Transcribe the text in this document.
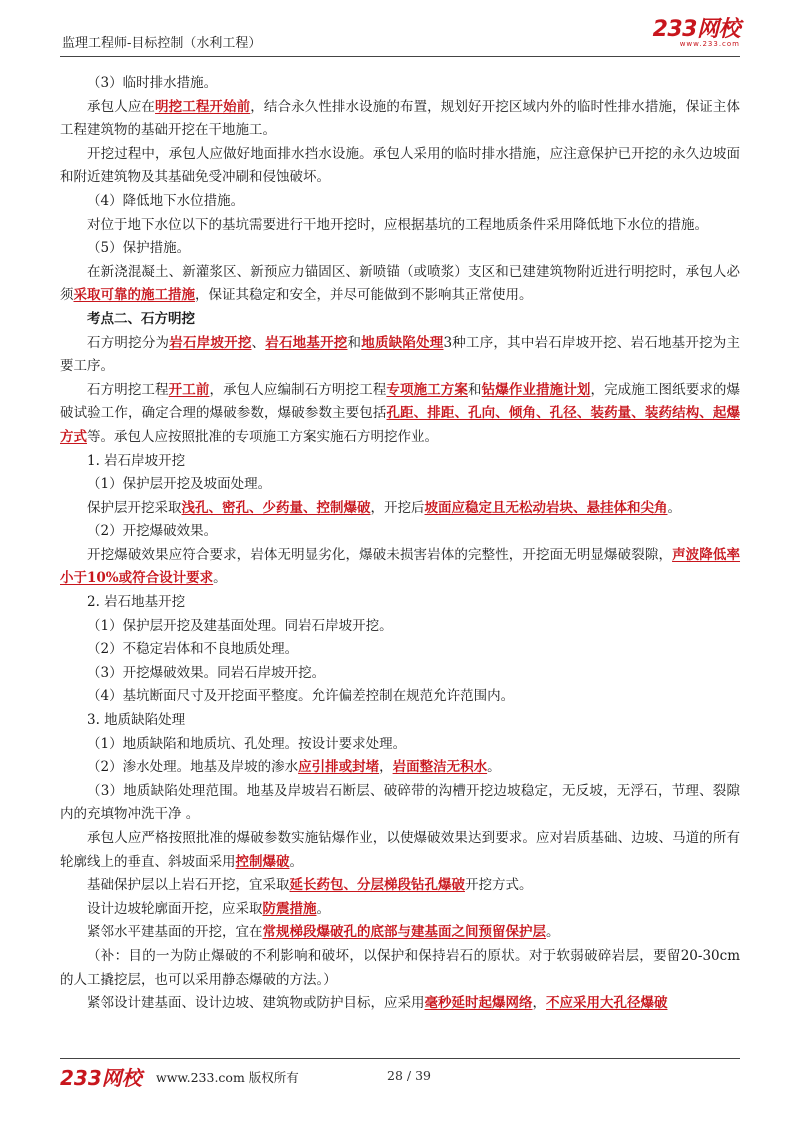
监理工程师-目标控制（水利工程）
233网校
www.233.com

（3）临时排水措施。

承包人应在明挖工程开始前，结合永久性排水设施的布置，规划好开挖区域内外的临时性排水措施，保证主体工程建筑物的基础开挖在干地施工。

开挖过程中，承包人应做好地面排水挡水设施。承包人采用的临时排水措施，应注意保护已开挖的永久边坡面和附近建筑物及其基础免受冲刷和侵蚀破坏。

（4）降低地下水位措施。

对位于地下水位以下的基坑需要进行干地开挖时，应根据基坑的工程地质条件采用降低地下水位的措施。

（5）保护措施。

在新浇混凝土、新灌浆区、新预应力锚固区、新喷锚（或喷浆）支区和已建建筑物附近进行明挖时，承包人必须采取可靠的施工措施，保证其稳定和安全，并尽可能做到不影响其正常使用。

考点二、石方明挖

石方明挖分为岩石岸坡开挖、岩石地基开挖和地质缺陷处理3种工序，其中岩石岸坡开挖、岩石地基开挖为主要工序。

石方明挖工程开工前，承包人应编制石方明挖工程专项施工方案和钻爆作业措施计划，完成施工图纸要求的爆破试验工作，确定合理的爆破参数，爆破参数主要包括孔距、排距、孔向、倾角、孔径、装药量、装药结构、起爆方式等。承包人应按照批准的专项施工方案实施石方明挖作业。

1. 岩石岸坡开挖

（1）保护层开挖及坡面处理。

保护层开挖采取浅孔、密孔、少药量、控制爆破，开挖后坡面应稳定且无松动岩块、悬挂体和尖角。

（2）开挖爆破效果。

开挖爆破效果应符合要求，岩体无明显劣化，爆破未损害岩体的完整性，开挖面无明显爆破裂隙，声波降低率小于10%或符合设计要求。

2. 岩石地基开挖

（1）保护层开挖及建基面处理。同岩石岸坡开挖。

（2）不稳定岩体和不良地质处理。

（3）开挖爆破效果。同岩石岸坡开挖。

（4）基坑断面尺寸及开挖面平整度。允许偏差控制在规范允许范围内。

3. 地质缺陷处理

（1）地质缺陷和地质坑、孔处理。按设计要求处理。

（2）渗水处理。地基及岸坡的渗水应引排或封堵，岩面整洁无积水。

（3）地质缺陷处理范围。地基及岸坡岩石断层、破碎带的沟槽开挖边坡稳定，无反坡，无浮石，节理、裂隙内的充填物冲洗干净 。

承包人应严格按照批准的爆破参数实施钻爆作业，以使爆破效果达到要求。应对岩质基础、边坡、马道的所有轮廓线上的垂直、斜坡面采用控制爆破。

基础保护层以上岩石开挖，宜采取延长药包、分层梯段钻孔爆破开挖方式。

设计边坡轮廓面开挖，应采取防震措施。

紧邻水平建基面的开挖，宜在常规梯段爆破孔的底部与建基面之间预留保护层。

（补：目的一为防止爆破的不利影响和破坏，以保护和保持岩石的原状。对于软弱破碎岩层，要留20-30cm 的人工撬挖层，也可以采用静态爆破的方法。）

紧邻设计建基面、设计边坡、建筑物或防护目标，应采用毫秒延时起爆网络，不应采用大孔径爆破

233网校 www.233.com 版权所有	28 / 39
